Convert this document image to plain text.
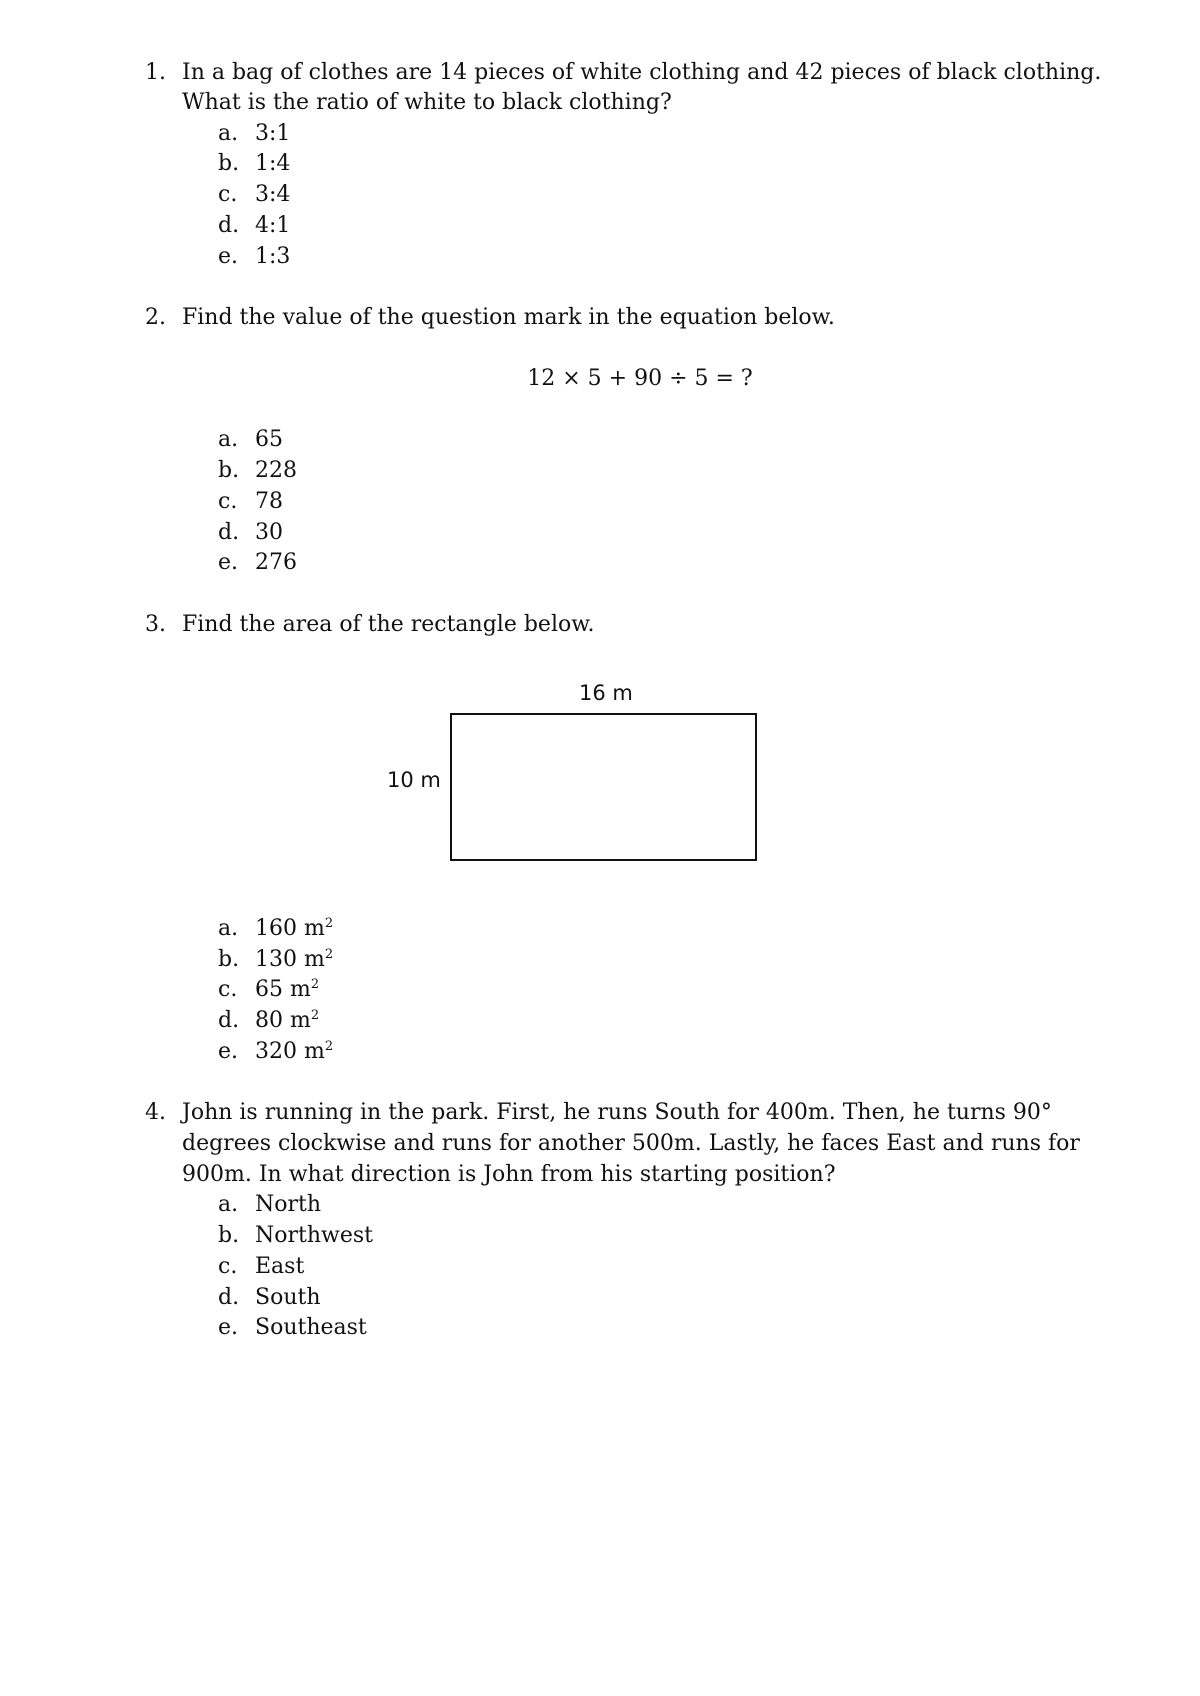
1. In a bag of clothes are 14 pieces of white clothing and 42 pieces of black clothing.
What is the ratio of white to black clothing?
a. 3:1
b. 1:4
c. 3:4
d. 4:1
e. 1:3
2. Find the value of the question mark in the equation below.
12 × 5 + 90 ÷ 5 = ?
a. 65
b. 228
c. 78
d. 30
e. 276
3. Find the area of the rectangle below.
16 m
10 m
a. 160 $m^2$
b. 130 $m^2$
c. 65 $m^2$
d. 80 $m^2$
e. 320 $m^2$
4. John is running in the park. First, he runs South for 400m. Then, he turns 90°
degrees clockwise and runs for another 500m. Lastly, he faces East and runs for
900m. In what direction is John from his starting position?
a. North
b. Northwest
c. East
d. South
e. Southeast
